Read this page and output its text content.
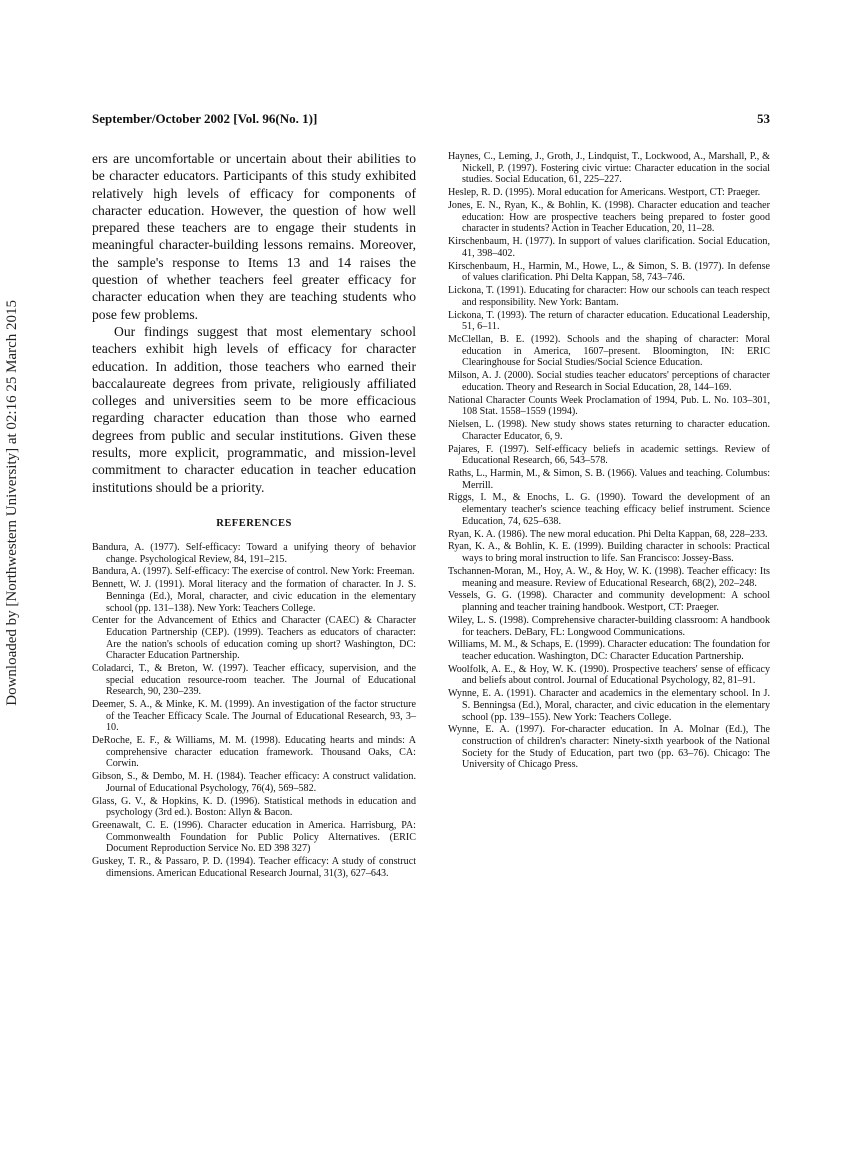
Downloaded by [Northwestern University] at 02:16 25 March 2015
September/October 2002 [Vol. 96(No. 1)]	53

ers are uncomfortable or uncertain about their abilities to be character educators. Participants of this study exhibited relatively high levels of efficacy for components of character education. However, the question of how well prepared these teachers are to engage their students in meaningful character-building lessons remains. Moreover, the sample's response to Items 13 and 14 raises the question of whether teachers feel greater efficacy for character education when they are teaching students who pose few problems.

Our findings suggest that most elementary school teachers exhibit high levels of efficacy for character education. In addition, those teachers who earned their baccalaureate degrees from private, religiously affiliated colleges and universities seem to be more efficacious regarding character education than those who earned degrees from public and secular institutions. Given these results, more explicit, programmatic, and mission-level commitment to character education in teacher education institutions should be a priority.

REFERENCES

Bandura, A. (1977). Self-efficacy: Toward a unifying theory of behavior change. Psychological Review, 84, 191–215.

Bandura, A. (1997). Self-efficacy: The exercise of control. New York: Freeman.

Bennett, W. J. (1991). Moral literacy and the formation of character. In J. S. Benninga (Ed.), Moral, character, and civic education in the elementary school (pp. 131–138). New York: Teachers College.

Center for the Advancement of Ethics and Character (CAEC) & Character Education Partnership (CEP). (1999). Teachers as educators of character: Are the nation's schools of education coming up short? Washington, DC: Character Education Partnership.

Coladarci, T., & Breton, W. (1997). Teacher efficacy, supervision, and the special education resource-room teacher. The Journal of Educational Research, 90, 230–239.

Deemer, S. A., & Minke, K. M. (1999). An investigation of the factor structure of the Teacher Efficacy Scale. The Journal of Educational Research, 93, 3–10.

DeRoche, E. F., & Williams, M. M. (1998). Educating hearts and minds: A comprehensive character education framework. Thousand Oaks, CA: Corwin.

Gibson, S., & Dembo, M. H. (1984). Teacher efficacy: A construct validation. Journal of Educational Psychology, 76(4), 569–582.

Glass, G. V., & Hopkins, K. D. (1996). Statistical methods in education and psychology (3rd ed.). Boston: Allyn & Bacon.

Greenawalt, C. E. (1996). Character education in America. Harrisburg, PA: Commonwealth Foundation for Public Policy Alternatives. (ERIC Document Reproduction Service No. ED 398 327)

Guskey, T. R., & Passaro, P. D. (1994). Teacher efficacy: A study of construct dimensions. American Educational Research Journal, 31(3), 627–643.

Haynes, C., Leming, J., Groth, J., Lindquist, T., Lockwood, A., Marshall, P., & Nickell, P. (1997). Fostering civic virtue: Character education in the social studies. Social Education, 61, 225–227.

Heslep, R. D. (1995). Moral education for Americans. Westport, CT: Praeger.

Jones, E. N., Ryan, K., & Bohlin, K. (1998). Character education and teacher education: How are prospective teachers being prepared to foster good character in students? Action in Teacher Education, 20, 11–28.

Kirschenbaum, H. (1977). In support of values clarification. Social Education, 41, 398–402.

Kirschenbaum, H., Harmin, M., Howe, L., & Simon, S. B. (1977). In defense of values clarification. Phi Delta Kappan, 58, 743–746.

Lickona, T. (1991). Educating for character: How our schools can teach respect and responsibility. New York: Bantam.

Lickona, T. (1993). The return of character education. Educational Leadership, 51, 6–11.

McClellan, B. E. (1992). Schools and the shaping of character: Moral education in America, 1607–present. Bloomington, IN: ERIC Clearinghouse for Social Studies/Social Science Education.

Milson, A. J. (2000). Social studies teacher educators' perceptions of character education. Theory and Research in Social Education, 28, 144–169.

National Character Counts Week Proclamation of 1994, Pub. L. No. 103–301, 108 Stat. 1558–1559 (1994).

Nielsen, L. (1998). New study shows states returning to character education. Character Educator, 6, 9.

Pajares, F. (1997). Self-efficacy beliefs in academic settings. Review of Educational Research, 66, 543–578.

Raths, L., Harmin, M., & Simon, S. B. (1966). Values and teaching. Columbus: Merrill.

Riggs, I. M., & Enochs, L. G. (1990). Toward the development of an elementary teacher's science teaching efficacy belief instrument. Science Education, 74, 625–638.

Ryan, K. A. (1986). The new moral education. Phi Delta Kappan, 68, 228–233.

Ryan, K. A., & Bohlin, K. E. (1999). Building character in schools: Practical ways to bring moral instruction to life. San Francisco: Jossey-Bass.

Tschannen-Moran, M., Hoy, A. W., & Hoy, W. K. (1998). Teacher efficacy: Its meaning and measure. Review of Educational Research, 68(2), 202–248.

Vessels, G. G. (1998). Character and community development: A school planning and teacher training handbook. Westport, CT: Praeger.

Wiley, L. S. (1998). Comprehensive character-building classroom: A handbook for teachers. DeBary, FL: Longwood Communications.

Williams, M. M., & Schaps, E. (1999). Character education: The foundation for teacher education. Washington, DC: Character Education Partnership.

Woolfolk, A. E., & Hoy, W. K. (1990). Prospective teachers' sense of efficacy and beliefs about control. Journal of Educational Psychology, 82, 81–91.

Wynne, E. A. (1991). Character and academics in the elementary school. In J. S. Benningsa (Ed.), Moral, character, and civic education in the elementary school (pp. 139–155). New York: Teachers College.

Wynne, E. A. (1997). For-character education. In A. Molnar (Ed.), The construction of children's character: Ninety-sixth yearbook of the National Society for the Study of Education, part two (pp. 63–76). Chicago: The University of Chicago Press.
